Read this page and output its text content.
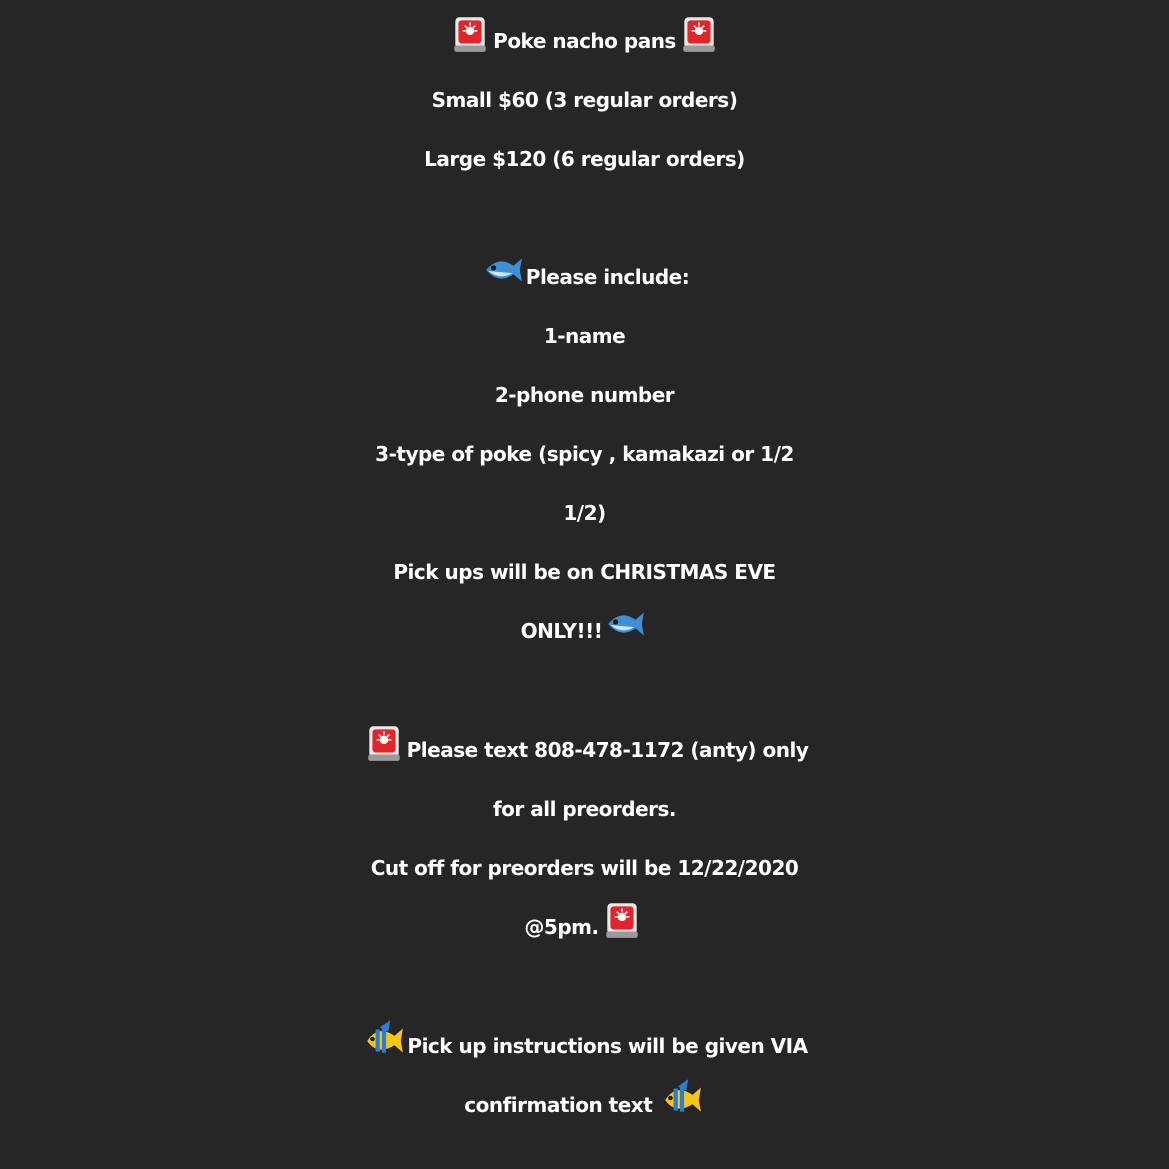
Poke nacho pans
Small $60 (3 regular orders)
Large $120 (6 regular orders)
Please include:
1-name
2-phone number
3-type of poke (spicy , kamakazi or 1/2
1/2)
Pick ups will be on CHRISTMAS EVE
ONLY!!!
Please text 808-478-1172 (anty) only
for all preorders.
Cut off for preorders will be 12/22/2020
@5pm.
Pick up instructions will be given VIA
confirmation text
